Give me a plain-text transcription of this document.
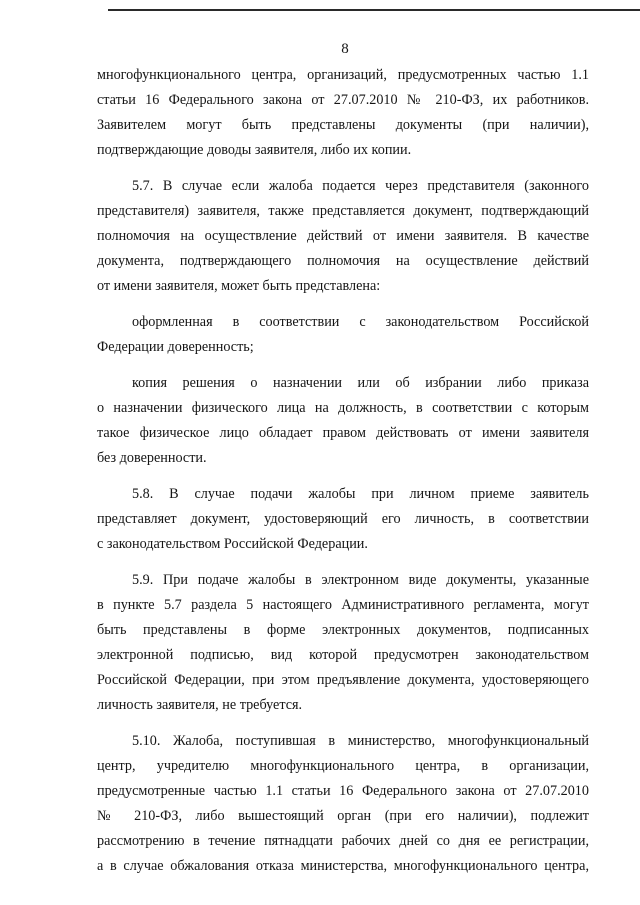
8
многофункционального центра, организаций, предусмотренных частью 1.1
статьи 16 Федерального закона от 27.07.2010 № 210-ФЗ, их работников.
Заявителем могут быть представлены документы (при наличии),
подтверждающие доводы заявителя, либо их копии.
5.7. В случае если жалоба подается через представителя (законного
представителя) заявителя, также представляется документ, подтверждающий
полномочия на осуществление действий от имени заявителя. В качестве
документа, подтверждающего полномочия на осуществление действий
от имени заявителя, может быть представлена:
оформленная в соответствии с законодательством Российской
Федерации доверенность;
копия решения о назначении или об избрании либо приказа
о назначении физического лица на должность, в соответствии с которым
такое физическое лицо обладает правом действовать от имени заявителя
без доверенности.
5.8. В случае подачи жалобы при личном приеме заявитель
представляет документ, удостоверяющий его личность, в соответствии
с законодательством Российской Федерации.
5.9. При подаче жалобы в электронном виде документы, указанные
в пункте 5.7 раздела 5 настоящего Административного регламента, могут
быть представлены в форме электронных документов, подписанных
электронной подписью, вид которой предусмотрен законодательством
Российской Федерации, при этом предъявление документа, удостоверяющего
личность заявителя, не требуется.
5.10. Жалоба, поступившая в министерство, многофункциональный
центр, учредителю многофункционального центра, в организации,
предусмотренные частью 1.1 статьи 16 Федерального закона от 27.07.2010
№ 210-ФЗ, либо вышестоящий орган (при его наличии), подлежит
рассмотрению в течение пятнадцати рабочих дней со дня ее регистрации,
а в случае обжалования отказа министерства, многофункционального центра,
